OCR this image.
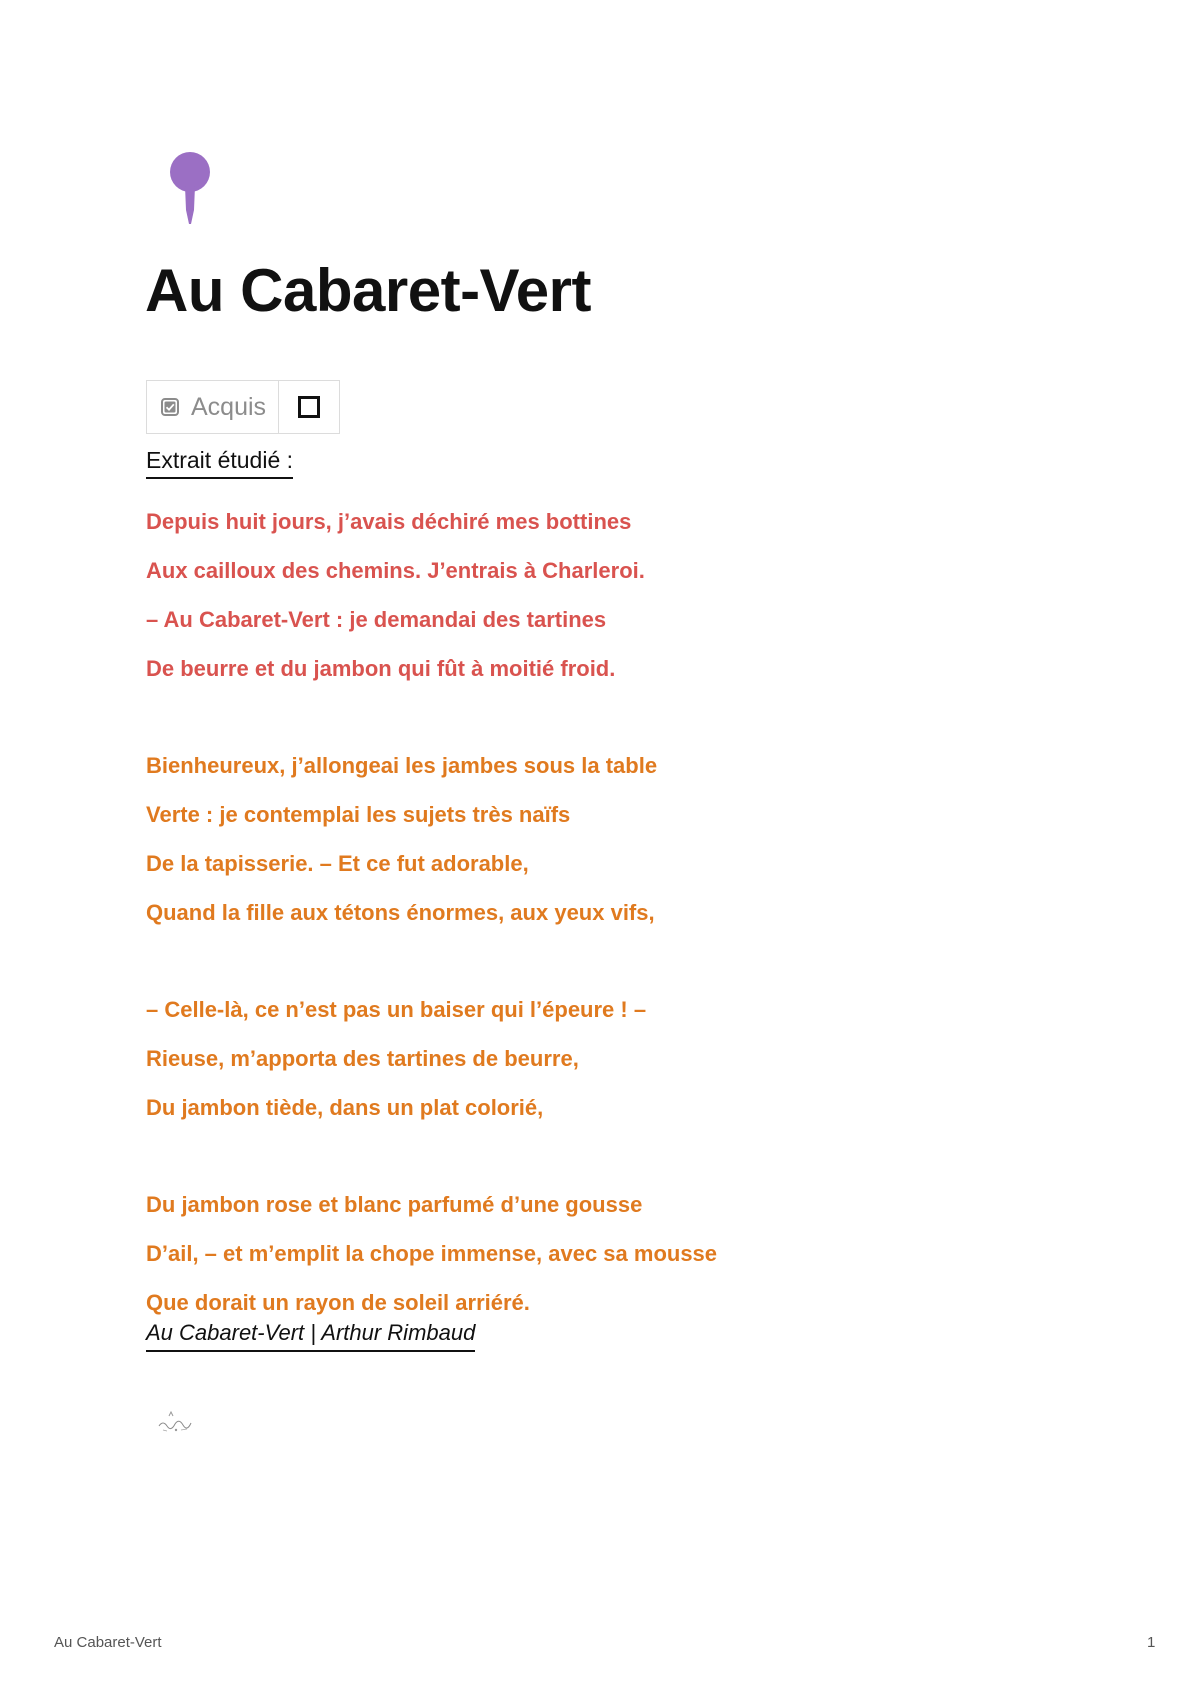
Au Cabaret-Vert
Acquis
Extrait étudié :
Depuis huit jours, j’avais déchiré mes bottines
Aux cailloux des chemins. J’entrais à Charleroi.
– Au Cabaret-Vert : je demandai des tartines
De beurre et du jambon qui fût à moitié froid.
Bienheureux, j’allongeai les jambes sous la table
Verte : je contemplai les sujets très naïfs
De la tapisserie. – Et ce fut adorable,
Quand la fille aux tétons énormes, aux yeux vifs,
– Celle-là, ce n’est pas un baiser qui l’épeure ! –
Rieuse, m’apporta des tartines de beurre,
Du jambon tiède, dans un plat colorié,
Du jambon rose et blanc parfumé d’une gousse
D’ail, – et m’emplit la chope immense, avec sa mousse
Que dorait un rayon de soleil arriéré.
Au Cabaret-Vert | Arthur Rimbaud
Au Cabaret-Vert	1
